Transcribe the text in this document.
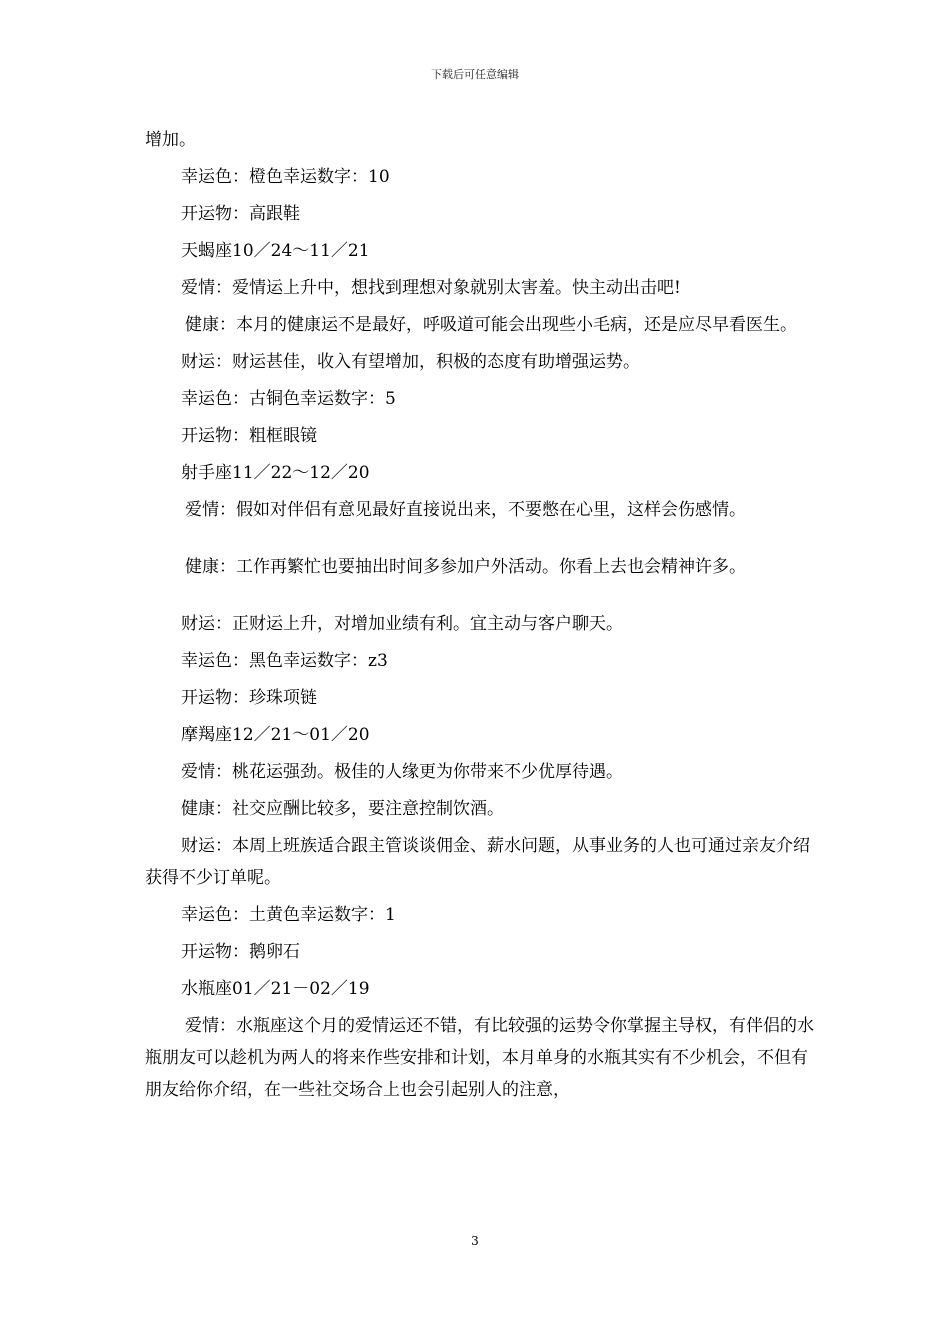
下载后可任意编辑

增加。

幸运色：橙色幸运数字：10

开运物：高跟鞋

天蝎座10／24～11／21

爱情：爱情运上升中，想找到理想对象就别太害羞。快主动出击吧!

健康：本月的健康运不是最好，呼吸道可能会出现些小毛病，还是应尽早看医生。

财运：财运甚佳，收入有望增加，积极的态度有助增强运势。

幸运色：古铜色幸运数字：5

开运物：粗框眼镜

射手座11／22～12／20

爱情：假如对伴侣有意见最好直接说出来，不要憋在心里，这样会伤感情。

健康：工作再繁忙也要抽出时间多参加户外活动。你看上去也会精神许多。

财运：正财运上升，对增加业绩有利。宜主动与客户聊天。

幸运色：黑色幸运数字：z3

开运物：珍珠项链

摩羯座12／21～01／20

爱情：桃花运强劲。极佳的人缘更为你带来不少优厚待遇。

健康：社交应酬比较多，要注意控制饮酒。

财运：本周上班族适合跟主管谈谈佣金、薪水问题，从事业务的人也可通过亲友介绍获得不少订单呢。

幸运色：土黄色幸运数字：1

开运物：鹅卵石

水瓶座01／21－02／19

爱情：水瓶座这个月的爱情运还不错，有比较强的运势令你掌握主导权，有伴侣的水瓶朋友可以趁机为两人的将来作些安排和计划，本月单身的水瓶其实有不少机会，不但有朋友给你介绍，在一些社交场合上也会引起别人的注意，

3
